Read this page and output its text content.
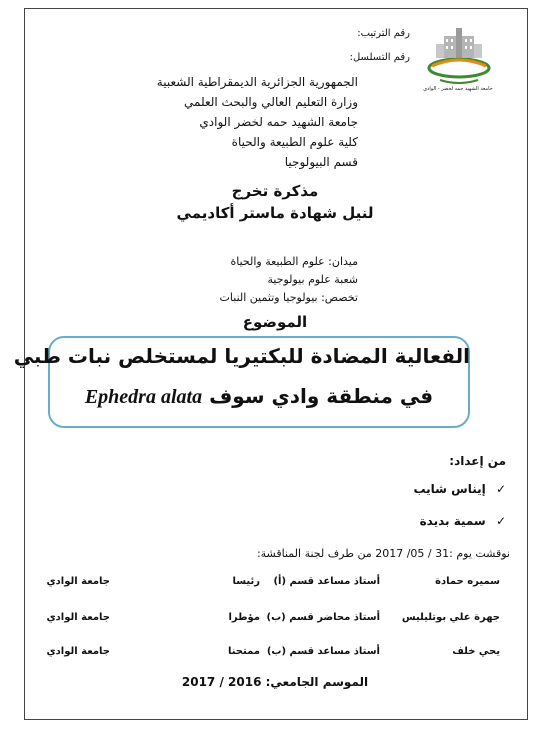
رقم الترتيب:
رقم التسلسل:
جامعة الشهيد حمه لخضر - الوادي
الجمهورية الجزائرية الديمقراطية الشعبية
وزارة التعليم العالي والبحث العلمي
جامعة الشهيد حمه لخضر الوادي
كلية علوم الطبيعة والحياة
قسم البيولوجيا
مذكرة تخرج
لنيل شهادة ماستر أكاديمي
ميدان: علوم الطبيعة والحياة
شعبة علوم بيولوجية
تخصص: بيولوجيا وتثمين النبات
الموضوع
الفعالية المضادة للبكتيريا لمستخلص نبات طبي
في منطقة وادي سوف Ephedra alata
من إعداد:
✓ إيناس شايب
✓ سمية بديدة
نوقشت يوم :31 / 05/ 2017 من طرف لجنة المناقشة:
سميره حمادة
أستاذ مساعد قسم (أ)
رئيسا
جامعة الوادي
جهرة علي بوتليليس
أستاذ محاضر قسم (ب)
مؤطرا
جامعة الوادي
يحي خلف
أستاذ مساعد قسم (ب)
ممتحنا
جامعة الوادي
الموسم الجامعي: 2016 / 2017
